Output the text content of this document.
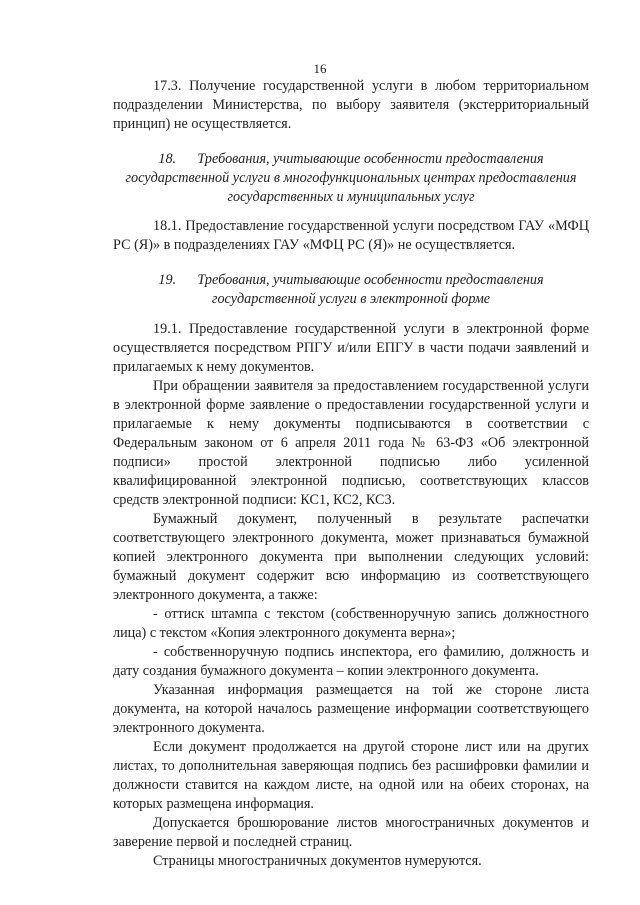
16

17.3. Получение государственной услуги в любом территориальном подразделении Министерства, по выбору заявителя (экстерриториальный принцип) не осуществляется.

18.      Требования, учитывающие особенности предоставления

государственной услуги в многофункциональных центрах предоставления

государственных и муниципальных услуг

18.1. Предоставление государственной услуги посредством ГАУ «МФЦ РС (Я)» в подразделениях ГАУ «МФЦ РС (Я)» не осуществляется.

19.      Требования, учитывающие особенности предоставления

государственной услуги в электронной форме

19.1. Предоставление государственной услуги в электронной форме осуществляется посредством РПГУ и/или ЕПГУ в части подачи заявлений и прилагаемых к нему документов.

При обращении заявителя за предоставлением государственной услуги в электронной форме заявление о предоставлении государственной услуги и прилагаемые к нему документы подписываются в соответствии с Федеральным законом от 6 апреля 2011 года № 63-ФЗ «Об электронной подписи» простой электронной подписью либо усиленной квалифицированной электронной подписью, соответствующих классов средств электронной подписи: КС1, КС2, КС3.

Бумажный документ, полученный в результате распечатки соответствующего электронного документа, может признаваться бумажной копией электронного документа при выполнении следующих условий: бумажный документ содержит всю информацию из соответствующего электронного документа, а также:

- оттиск штампа с текстом (собственноручную запись должностного лица) с текстом «Копия электронного документа верна»;

- собственноручную подпись инспектора, его фамилию, должность и дату создания бумажного документа – копии электронного документа.

Указанная информация размещается на той же стороне листа документа, на которой началось размещение информации соответствующего электронного документа.

Если документ продолжается на другой стороне лист или на других листах, то дополнительная заверяющая подпись без расшифровки фамилии и должности ставится на каждом листе, на одной или на обеих сторонах, на которых размещена информация.

Допускается брошюрование листов многостраничных документов и заверение первой и последней страниц.

Страницы многостраничных документов нумеруются.
